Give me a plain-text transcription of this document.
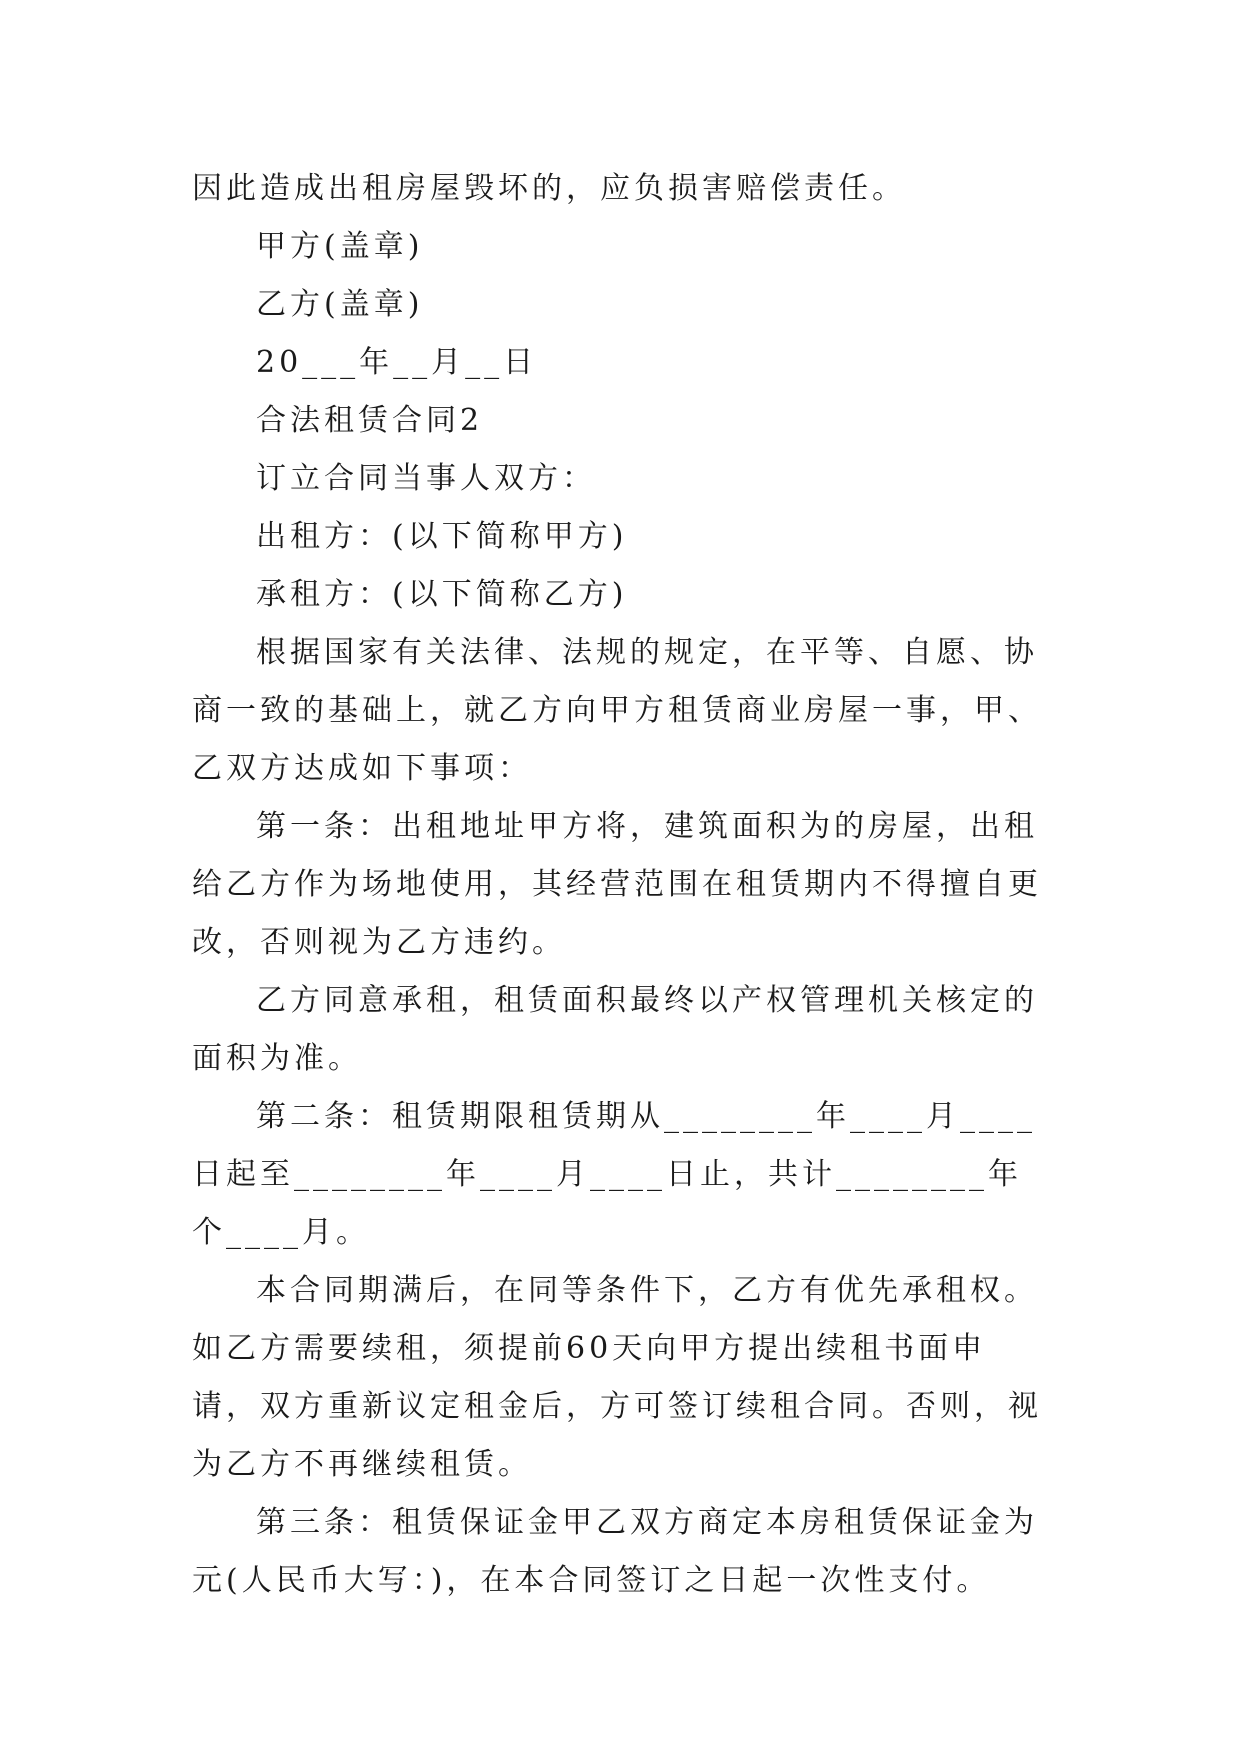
因此造成出租房屋毁坏的，应负损害赔偿责任。

甲方(盖章)

乙方(盖章)

20___年__月__日

合法租赁合同2

订立合同当事人双方：

出租方：(以下简称甲方)

承租方：(以下简称乙方)

根据国家有关法律、法规的规定，在平等、自愿、协商一致的基础上，就乙方向甲方租赁商业房屋一事，甲、乙双方达成如下事项：

第一条：出租地址甲方将，建筑面积为的房屋，出租给乙方作为场地使用，其经营范围在租赁期内不得擅自更改，否则视为乙方违约。

乙方同意承租，租赁面积最终以产权管理机关核定的面积为准。

第二条：租赁期限租赁期从________年____月____日起至________年____月____日止，共计________年个____月。

本合同期满后，在同等条件下，乙方有优先承租权。如乙方需要续租，须提前60天向甲方提出续租书面申请，双方重新议定租金后，方可签订续租合同。否则，视为乙方不再继续租赁。

第三条：租赁保证金甲乙双方商定本房租赁保证金为元(人民币大写：)，在本合同签订之日起一次性支付。
